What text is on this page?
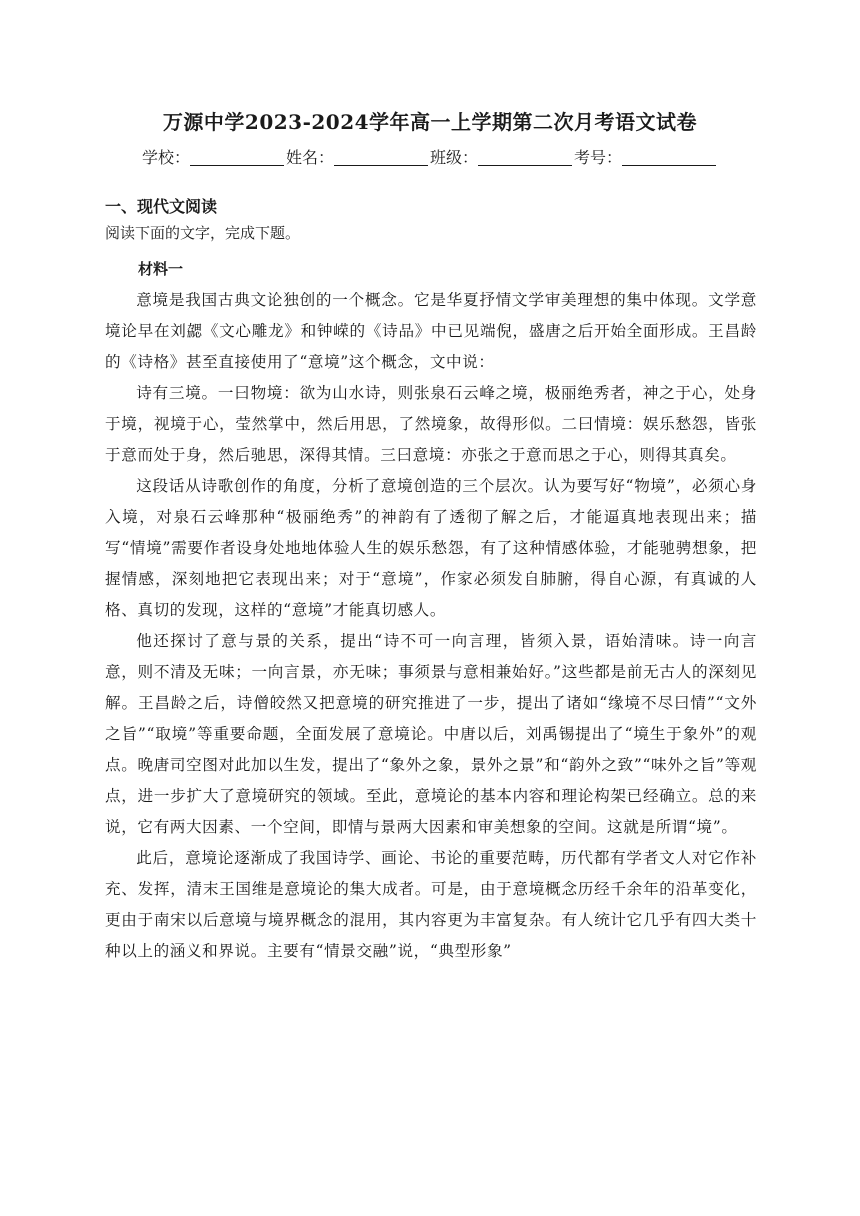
万源中学2023-2024学年高一上学期第二次月考语文试卷
学校：	姓名：	班级：	考号：
一、现代文阅读
阅读下面的文字，完成下题。
材料一

意境是我国古典文论独创的一个概念。它是华夏抒情文学审美理想的集中体现。文学意境论早在刘勰《文心雕龙》和钟嵘的《诗品》中已见端倪，盛唐之后开始全面形成。王昌龄的《诗格》甚至直接使用了“意境”这个概念，文中说：

诗有三境。一曰物境：欲为山水诗，则张泉石云峰之境，极丽绝秀者，神之于心，处身于境，视境于心，莹然掌中，然后用思，了然境象，故得形似。二曰情境：娱乐愁怨，皆张于意而处于身，然后驰思，深得其情。三曰意境：亦张之于意而思之于心，则得其真矣。

这段话从诗歌创作的角度，分析了意境创造的三个层次。认为要写好“物境”，必须心身入境，对泉石云峰那种“极丽绝秀”的神韵有了透彻了解之后，才能逼真地表现出来；描写“情境”需要作者设身处地地体验人生的娱乐愁怨，有了这种情感体验，才能驰骋想象，把握情感，深刻地把它表现出来；对于“意境”，作家必须发自肺腑，得自心源，有真诚的人格、真切的发现，这样的“意境”才能真切感人。

他还探讨了意与景的关系，提出“诗不可一向言理，皆须入景，语始清味。诗一向言意，则不清及无味；一向言景，亦无味；事须景与意相兼始好。”这些都是前无古人的深刻见解。王昌龄之后，诗僧皎然又把意境的研究推进了一步，提出了诸如“缘境不尽曰情”“文外之旨”“取境”等重要命题，全面发展了意境论。中唐以后，刘禹锡提出了“境生于象外”的观点。晚唐司空图对此加以生发，提出了“象外之象，景外之景”和“韵外之致”“味外之旨”等观点，进一步扩大了意境研究的领域。至此，意境论的基本内容和理论构架已经确立。总的来说，它有两大因素、一个空间，即情与景两大因素和审美想象的空间。这就是所谓“境”。

此后，意境论逐渐成了我国诗学、画论、书论的重要范畴，历代都有学者文人对它作补充、发挥，清末王国维是意境论的集大成者。可是，由于意境概念历经千余年的沿革变化，更由于南宋以后意境与境界概念的混用，其内容更为丰富复杂。有人统计它几乎有四大类十种以上的涵义和界说。主要有“情景交融”说，“典型形象”
